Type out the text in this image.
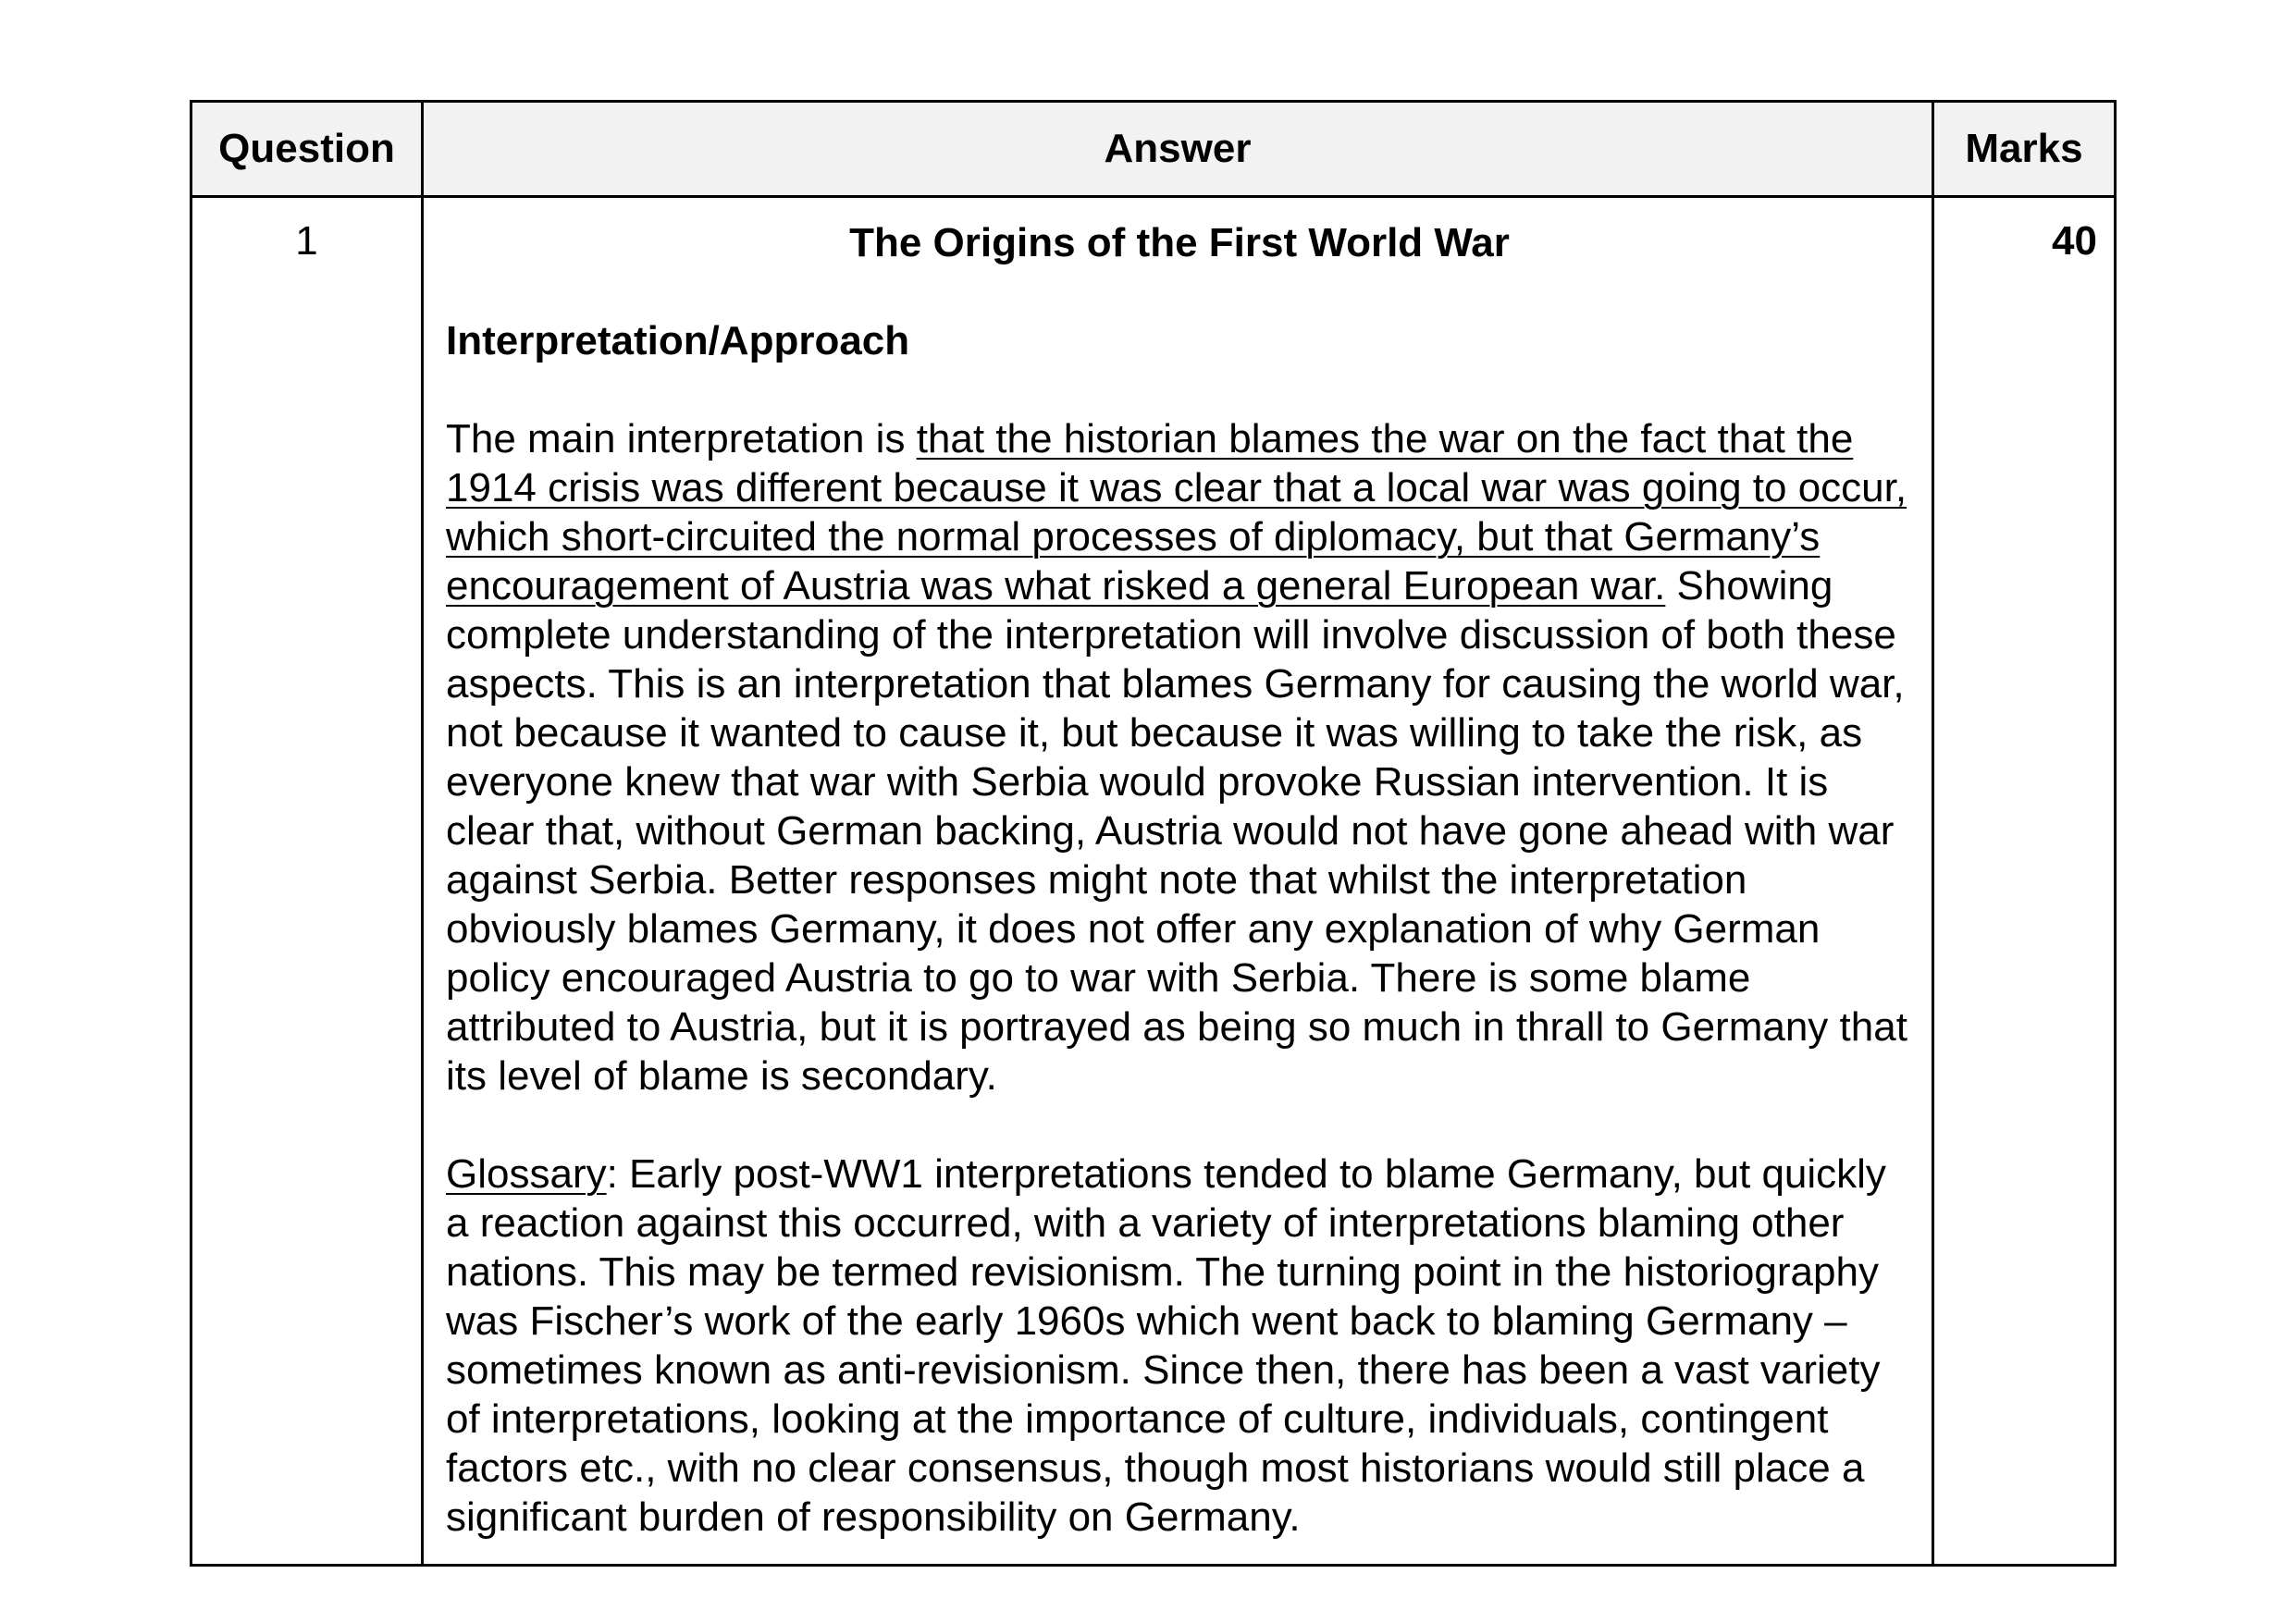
Question	Answer	Marks
1	The Origins of the First World War
Interpretation/Approach
The main interpretation is that the historian blames the war on the fact that the 1914 crisis was different because it was clear that a local war was going to occur, which short-circuited the normal processes of diplomacy, but that Germany’s encouragement of Austria was what risked a general European war. Showing complete understanding of the interpretation will involve discussion of both these aspects. This is an interpretation that blames Germany for causing the world war, not because it wanted to cause it, but because it was willing to take the risk, as everyone knew that war with Serbia would provoke Russian intervention. It is clear that, without German backing, Austria would not have gone ahead with war against Serbia. Better responses might note that whilst the interpretation obviously blames Germany, it does not offer any explanation of why German policy encouraged Austria to go to war with Serbia. There is some blame attributed to Austria, but it is portrayed as being so much in thrall to Germany that its level of blame is secondary.
Glossary: Early post-WW1 interpretations tended to blame Germany, but quickly a reaction against this occurred, with a variety of interpretations blaming other nations. This may be termed revisionism. The turning point in the historiography was Fischer’s work of the early 1960s which went back to blaming Germany – sometimes known as anti-revisionism. Since then, there has been a vast variety of interpretations, looking at the importance of culture, individuals, contingent factors etc., with no clear consensus, though most historians would still place a significant burden of responsibility on Germany.	40
